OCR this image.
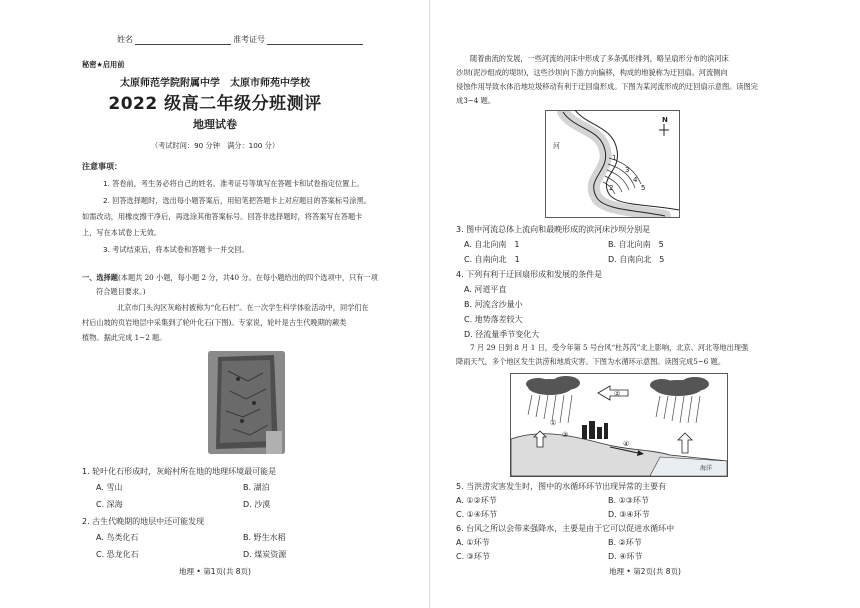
姓名	准考证号
秘密★启用前
太原师范学院附属中学　太原市师苑中学校
2022 级高二年级分班测评
地理试卷
（考试时间：90 分钟　满分：100 分）
注意事项：
1. 答卷前，考生务必将自己的姓名、准考证号等填写在答题卡和试卷指定位置上。
2. 回答选择题时，选出每小题答案后，用铅笔把答题卡上对应题目的答案标号涂黑。
如需改动，用橡皮擦干净后，再选涂其他答案标号。回答非选择题时，将答案写在答题卡
上，写在本试卷上无效。
3. 考试结束后，将本试卷和答题卡一并交回。
一、选择题(本题共 20 小题，每小题 2 分，共40 分。在每小题给出的四个选项中，只有一项
符合题目要求。)
北京市门头沟区灰峪村被称为“化石村”。在一次学生科学体验活动中，同学们在
村后山坡的页岩地层中采集到了轮叶化石(下图)。专家说，轮叶是古生代晚期的蕨类
植物。据此完成 1~2 题。
1. 轮叶化石形成时，灰峪村所在地的地理环境最可能是
A. 雪山	B. 湖泊
C. 深海	D. 沙漠
2. 古生代晚期的地层中还可能发现
A. 鸟类化石	B. 野生水稻
C. 恐龙化石	D. 煤炭资源
地理 • 第1页(共 8页)
随着曲流的发展，一些河流的河床中形成了多条弧形排列，略呈扇形分布的滨河床
沙坝(泥沙组成的堤坝)，这些沙坝向下游方向偏移，构成的地貌称为迂回扇。河流侧向
侵蚀作用导致水体沿地垃圾移动有利于迂回扇形成。下图为某河流形成的迂回扇示意图。读图完
成3~4 题。
1
2
3
4
5
河
N
3. 图中河流总体上流向和最晚形成的滨河床沙坝分别是
A. 自北向南　1	B. 自北向南　5
C. 自南向北　1	D. 自南向北　5
4. 下列有利于迂回扇形成和发展的条件是
A. 河道平直
B. 河流含沙量小
C. 地势落差较大
D. 径流量季节变化大
7 月 29 日到 8 月 1 日，受今年第 5 号台风“杜苏芮”北上影响，北京、河北等地出现强
降雨天气，多个地区发生洪涝和地质灾害。下图为水循环示意图。读图完成5~6 题。
②
海洋
①
③
④
5. 当洪涝灾害发生时，图中的水循环环节出现异常的主要有
A. ①②环节	B. ①③环节
C. ①④环节	D. ③④环节
6. 台风之所以会带来强降水，主要是由于它可以促进水循环中
A. ①环节	B. ②环节
C. ③环节	D. ④环节
地理 • 第2页(共 8页)
